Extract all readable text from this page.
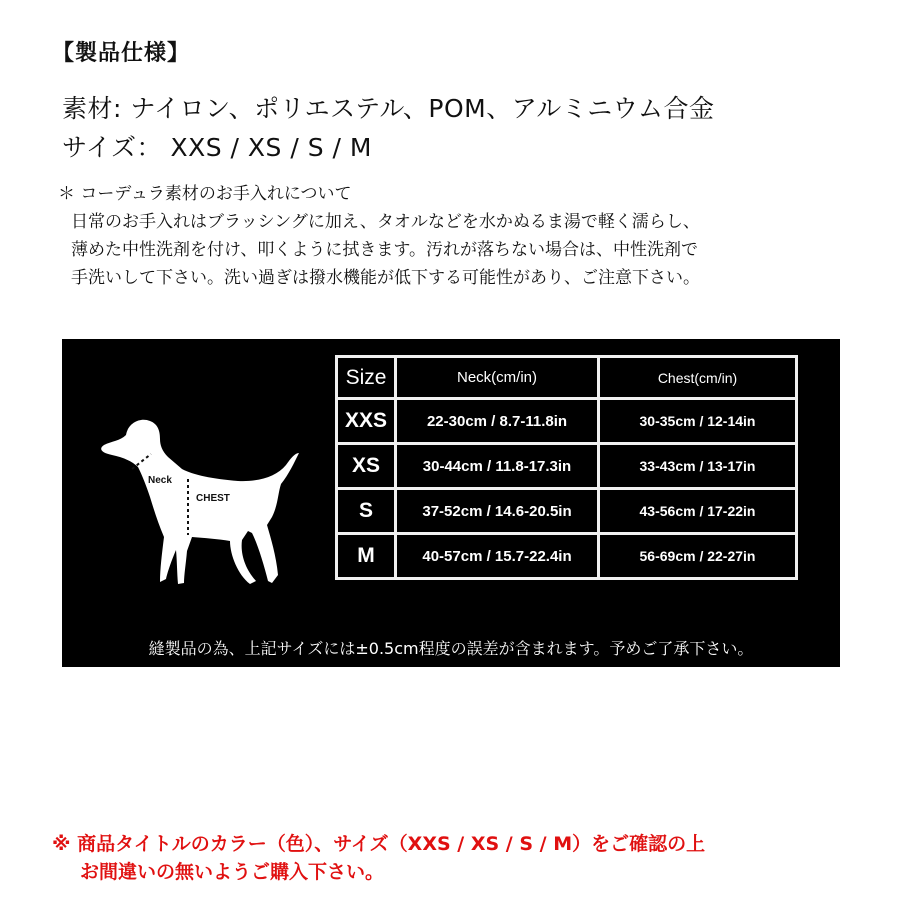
【製品仕様】
素材: ナイロン、ポリエステル、POM、アルミニウム合金
サイズ： XXS / XS / S / M
＊ コーデュラ素材のお手入れについて
日常のお手入れはブラッシングに加え、タオルなどを水かぬるま湯で軽く濡らし、
薄めた中性洗剤を付け、叩くように拭きます。汚れが落ちない場合は、中性洗剤で
手洗いして下さい。洗い過ぎは撥水機能が低下する可能性があり、ご注意下さい。
Neck
CHEST
Size	Neck(cm/in)	Chest(cm/in)
XXS	22-30cm / 8.7-11.8in	30-35cm / 12-14in
XS	30-44cm / 11.8-17.3in	33-43cm / 13-17in
S	37-52cm / 14.6-20.5in	43-56cm / 17-22in
M	40-57cm / 15.7-22.4in	56-69cm / 22-27in
縫製品の為、上記サイズには±0.5cm程度の誤差が含まれます。予めご了承下さい。
※ 商品タイトルのカラー（色）、サイズ（XXS / XS / S / M）をご確認の上
お間違いの無いようご購入下さい。
